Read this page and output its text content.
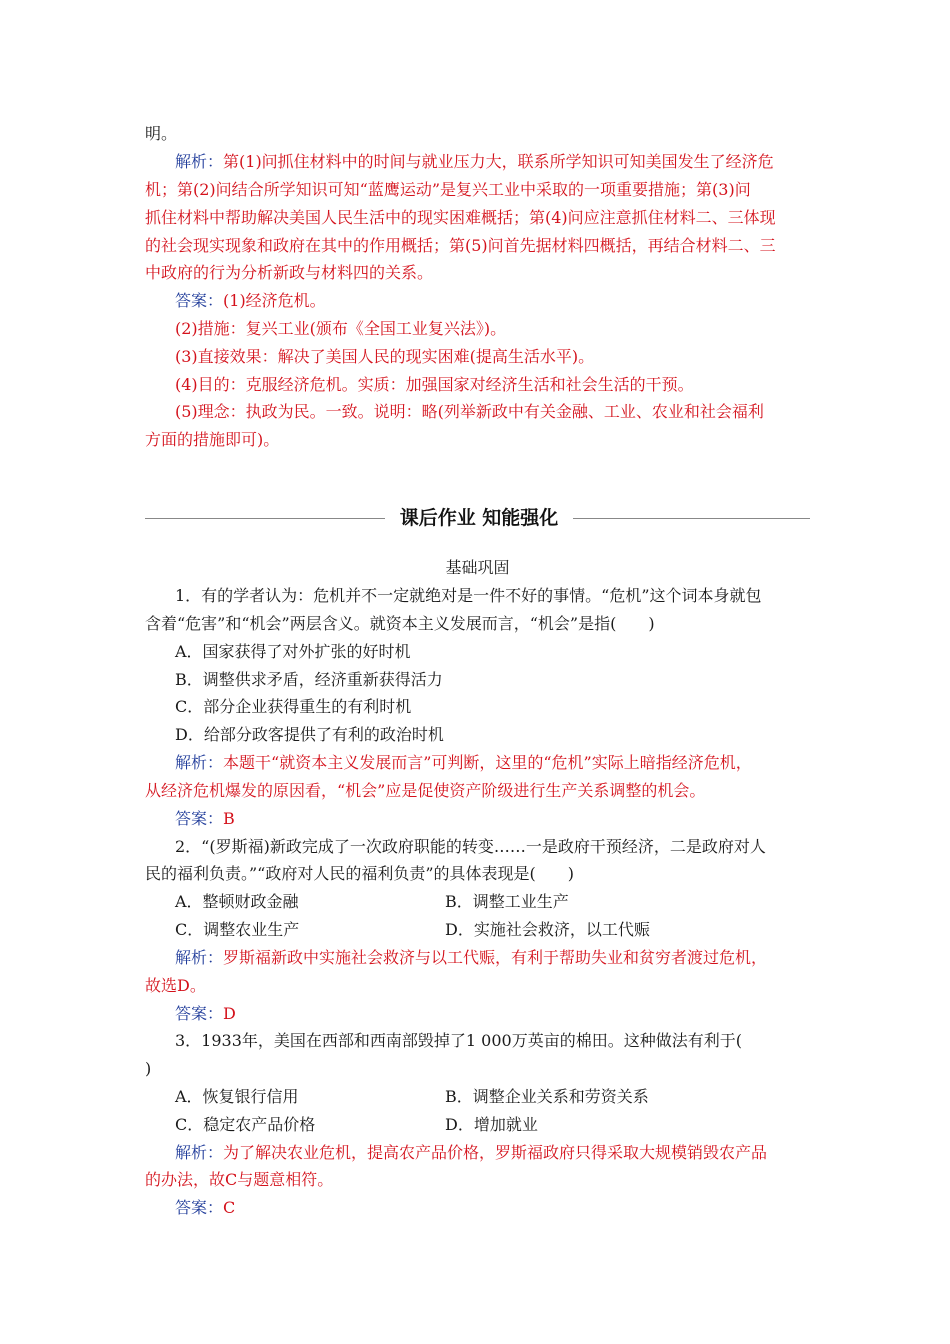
明。

解析：第(1)问抓住材料中的时间与就业压力大，联系所学知识可知美国发生了经济危

机；第(2)问结合所学知识可知“蓝鹰运动”是复兴工业中采取的一项重要措施；第(3)问

抓住材料中帮助解决美国人民生活中的现实困难概括；第(4)问应注意抓住材料二、三体现

的社会现实现象和政府在其中的作用概括；第(5)问首先据材料四概括，再结合材料二、三

中政府的行为分析新政与材料四的关系。

答案：(1)经济危机。

(2)措施：复兴工业(颁布《全国工业复兴法》)。

(3)直接效果：解决了美国人民的现实困难(提高生活水平)。

(4)目的：克服经济危机。实质：加强国家对经济生活和社会生活的干预。

(5)理念：执政为民。一致。说明：略(列举新政中有关金融、工业、农业和社会福利

方面的措施即可)。

课后作业 知能强化
基础巩固

1．有的学者认为：危机并不一定就绝对是一件不好的事情。“危机”这个词本身就包

含着“危害”和“机会”两层含义。就资本主义发展而言，“机会”是指(　　)

A．国家获得了对外扩张的好时机

B．调整供求矛盾，经济重新获得活力

C．部分企业获得重生的有利时机

D．给部分政客提供了有利的政治时机

解析：本题干“就资本主义发展而言”可判断，这里的“危机”实际上暗指经济危机，

从经济危机爆发的原因看，“机会”应是促使资产阶级进行生产关系调整的机会。

答案：B

2．“(罗斯福)新政完成了一次政府职能的转变……一是政府干预经济，二是政府对人

民的福利负责。”“政府对人民的福利负责”的具体表现是(　　)

A．整顿财政金融	B．调整工业生产
C．调整农业生产	D．实施社会救济，以工代赈

解析：罗斯福新政中实施社会救济与以工代赈，有利于帮助失业和贫穷者渡过危机，

故选D。

答案：D

3．1933年，美国在西部和西南部毁掉了1 000万英亩的棉田。这种做法有利于(

)

A．恢复银行信用	B．调整企业关系和劳资关系
C．稳定农产品价格	D．增加就业

解析：为了解决农业危机，提高农产品价格，罗斯福政府只得采取大规模销毁农产品

的办法，故C与题意相符。

答案：C
